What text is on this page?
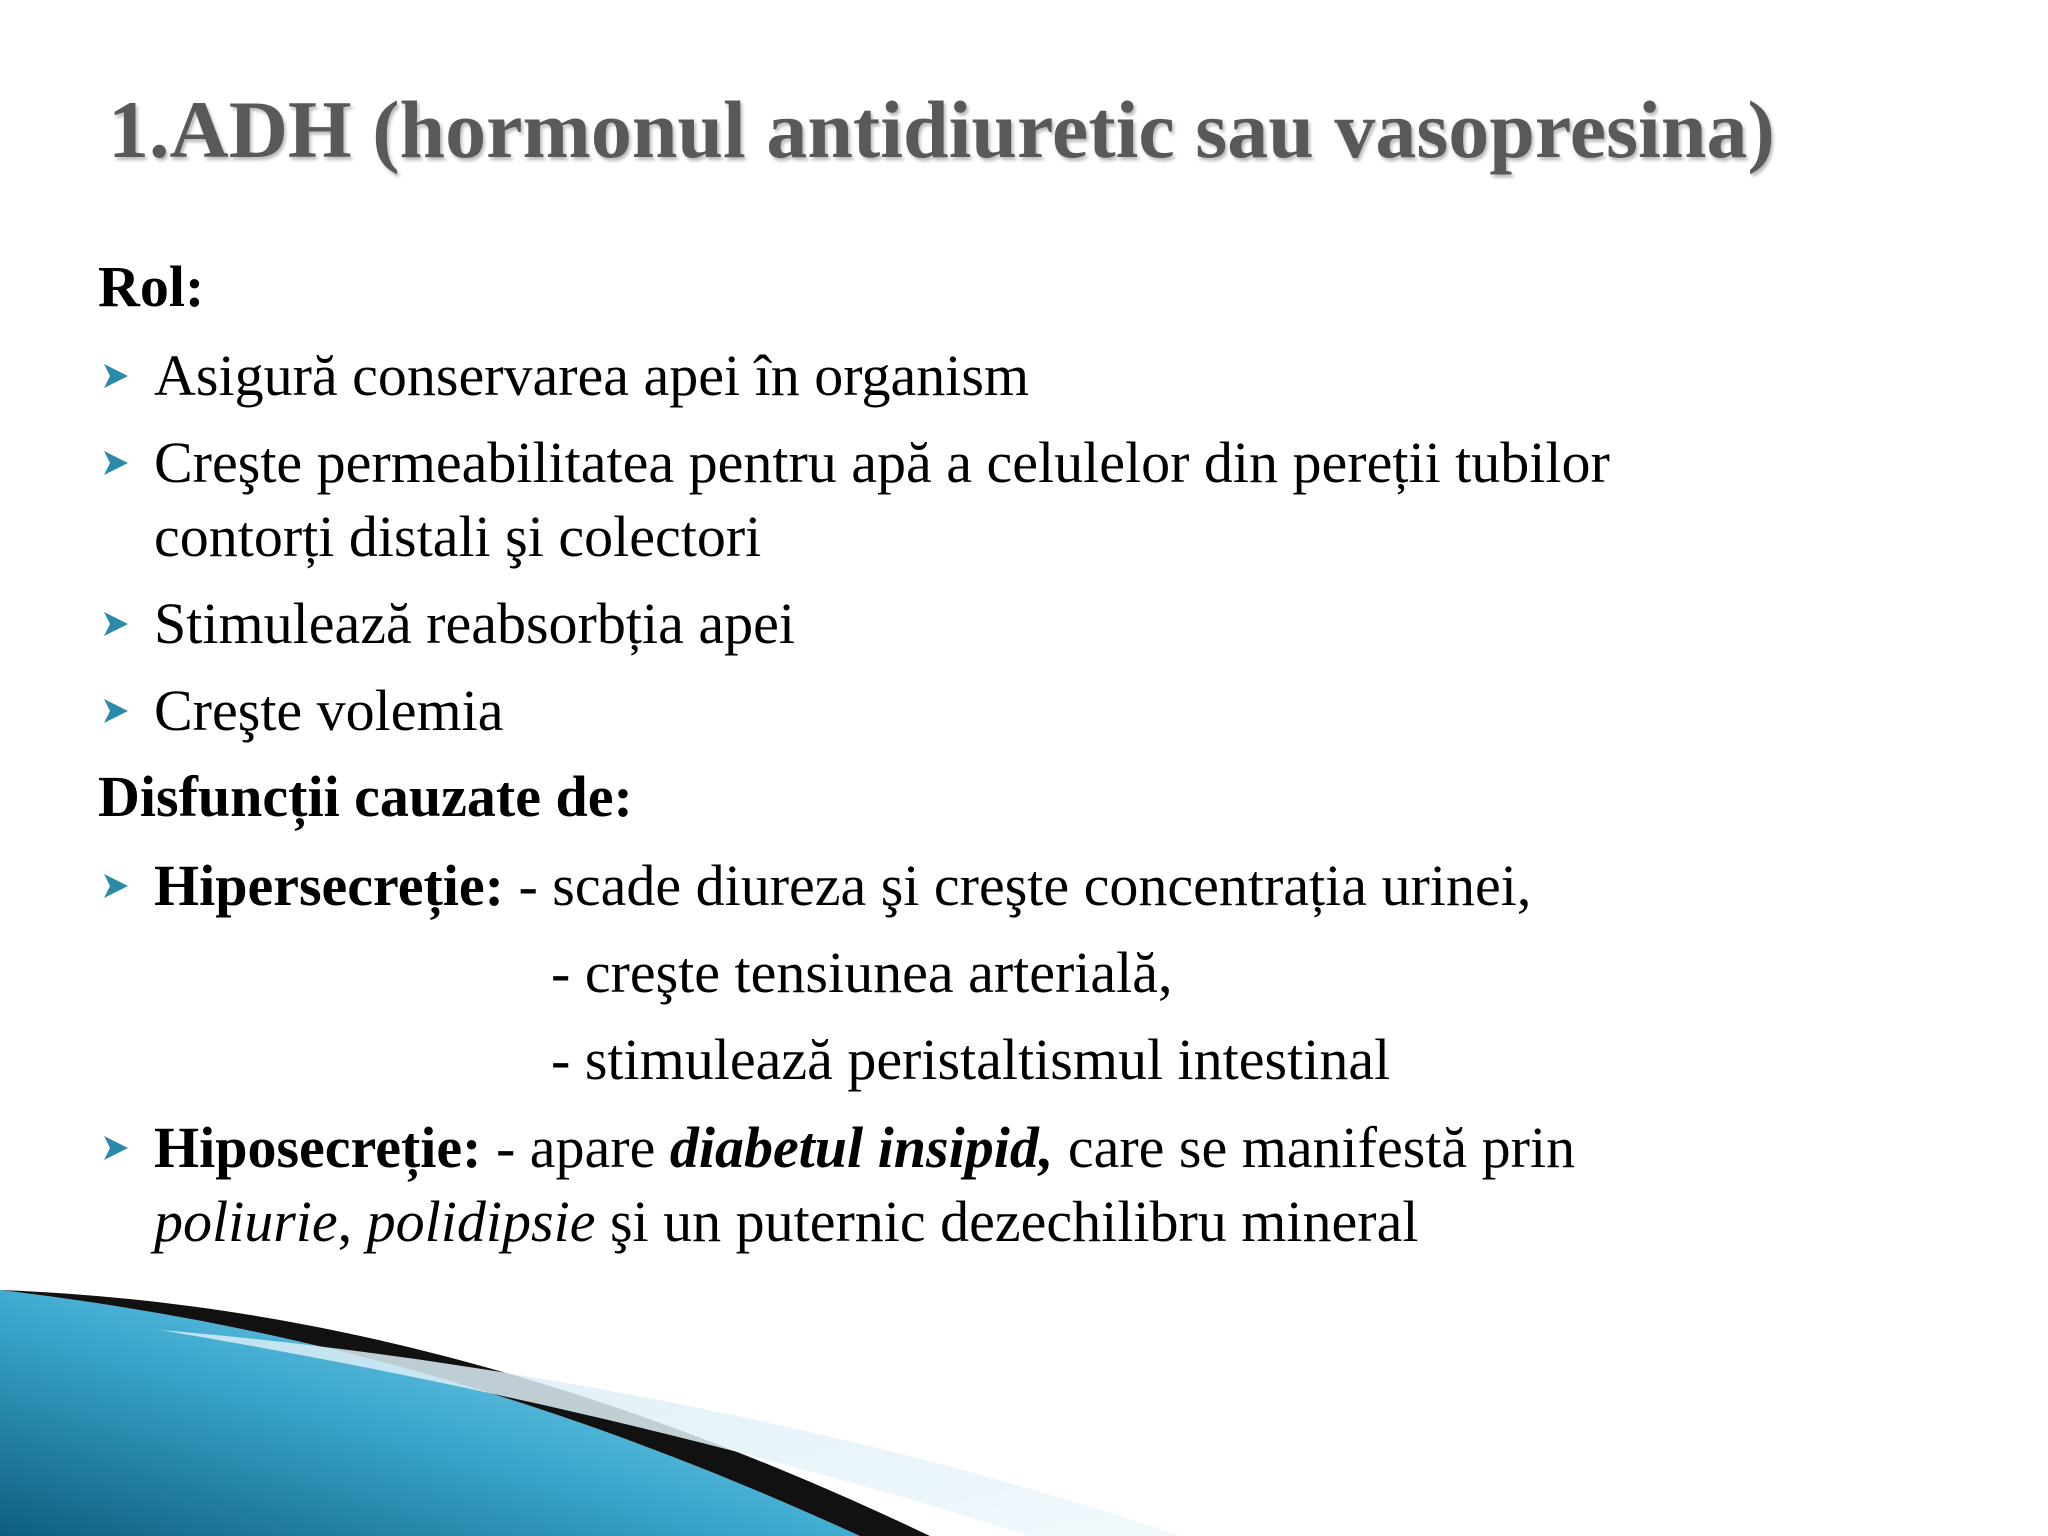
1.ADH (hormonul antidiuretic sau vasopresina)
Rol:
Asigură conservarea apei în organism
Creşte permeabilitatea pentru apă a celulelor din pereții tubilor
contorți distali şi colectori
Stimulează reabsorbția apei
Creşte volemia
Disfuncții cauzate de:
Hipersecreție: - scade diureza şi creşte concentrația urinei,
- creşte tensiunea arterială,
- stimulează peristaltismul intestinal
Hiposecreție: - apare diabetul insipid, care se manifestă prin
poliurie, polidipsie şi un puternic dezechilibru mineral
